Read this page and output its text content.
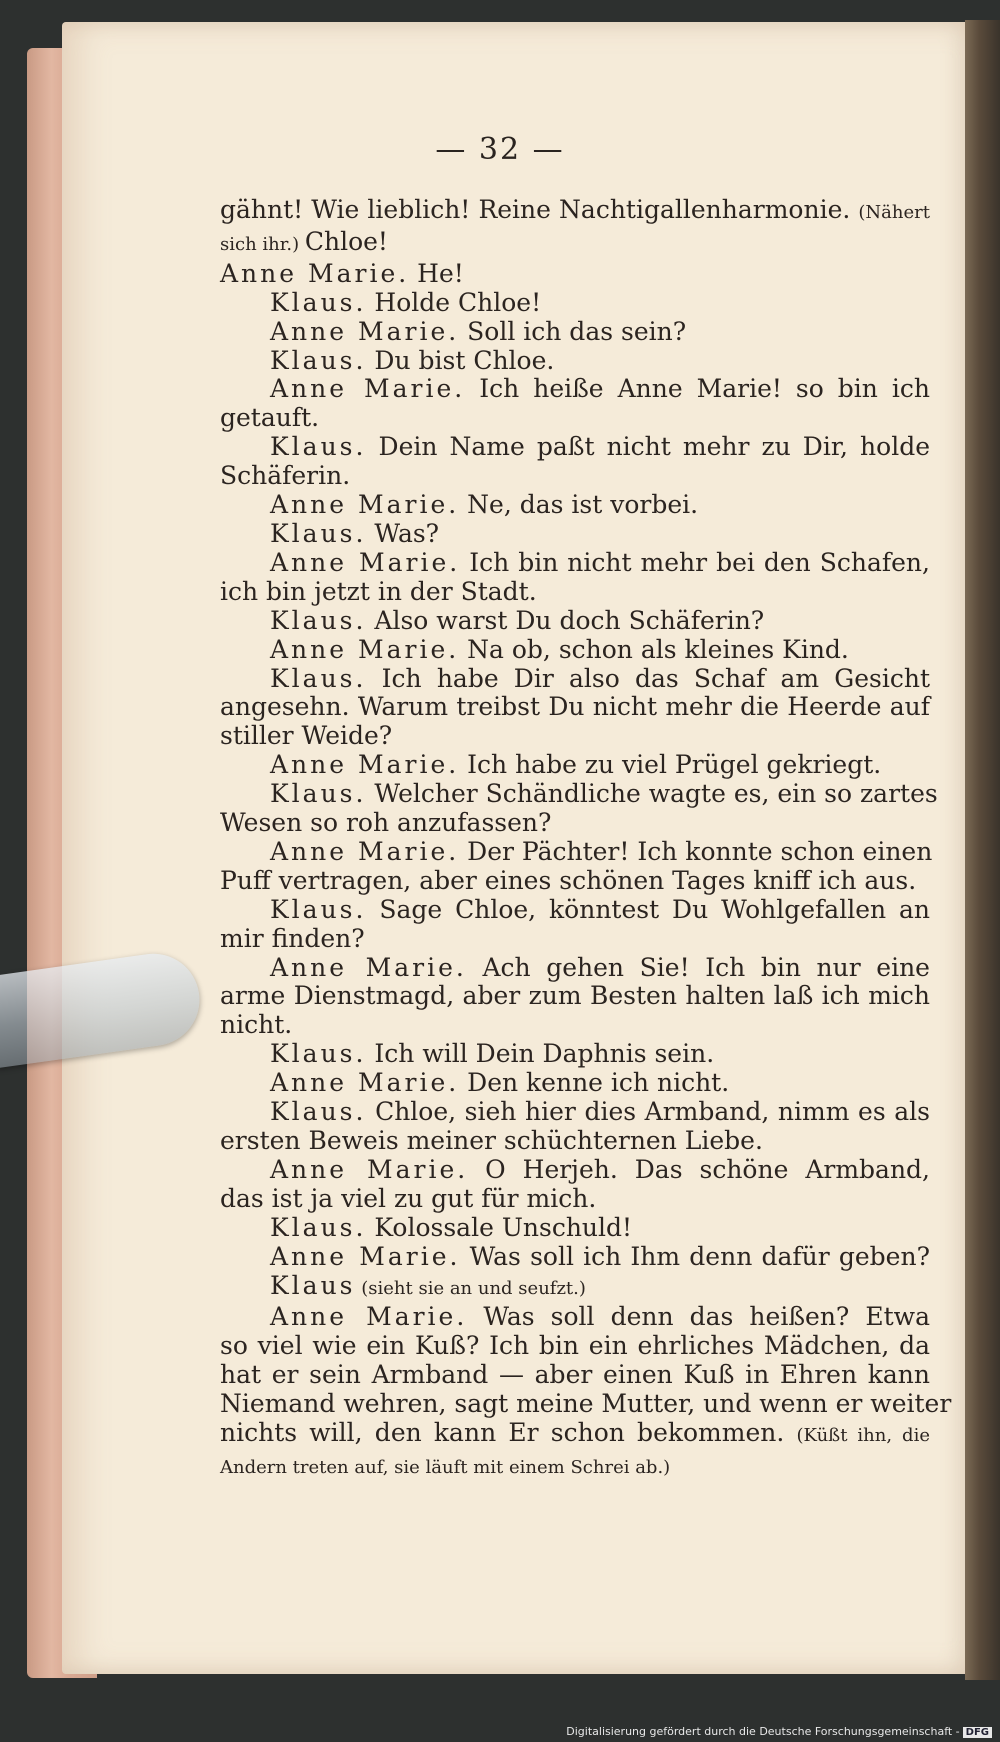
— 32 —
gähnt! Wie lieblich! Reine Nachtigallenharmonie. (Nähert
sich ihr.) Chloe!
Anne Marie. He!
Klaus. Holde Chloe!
Anne Marie. Soll ich das sein?
Klaus. Du bist Chloe.
Anne Marie. Ich heiße Anne Marie! so bin ich
getauft.
Klaus. Dein Name paßt nicht mehr zu Dir, holde
Schäferin.
Anne Marie. Ne, das ist vorbei.
Klaus. Was?
Anne Marie. Ich bin nicht mehr bei den Schafen,
ich bin jetzt in der Stadt.
Klaus. Also warst Du doch Schäferin?
Anne Marie. Na ob, schon als kleines Kind.
Klaus. Ich habe Dir also das Schaf am Gesicht
angesehn. Warum treibst Du nicht mehr die Heerde auf
stiller Weide?
Anne Marie. Ich habe zu viel Prügel gekriegt.
Klaus. Welcher Schändliche wagte es, ein so zartes
Wesen so roh anzufassen?
Anne Marie. Der Pächter! Ich konnte schon einen
Puff vertragen, aber eines schönen Tages kniff ich aus.
Klaus. Sage Chloe, könntest Du Wohlgefallen an
mir finden?
Anne Marie. Ach gehen Sie! Ich bin nur eine
arme Dienstmagd, aber zum Besten halten laß ich mich
nicht.
Klaus. Ich will Dein Daphnis sein.
Anne Marie. Den kenne ich nicht.
Klaus. Chloe, sieh hier dies Armband, nimm es als
ersten Beweis meiner schüchternen Liebe.
Anne Marie. O Herjeh. Das schöne Armband,
das ist ja viel zu gut für mich.
Klaus. Kolossale Unschuld!
Anne Marie. Was soll ich Ihm denn dafür geben?
Klaus (sieht sie an und seufzt.)
Anne Marie. Was soll denn das heißen? Etwa
so viel wie ein Kuß? Ich bin ein ehrliches Mädchen, da
hat er sein Armband — aber einen Kuß in Ehren kann
Niemand wehren, sagt meine Mutter, und wenn er weiter
nichts will, den kann Er schon bekommen. (Küßt ihn, die
Andern treten auf, sie läuft mit einem Schrei ab.)
Digitalisierung gefördert durch die Deutsche Forschungsgemeinschaft - DFG
